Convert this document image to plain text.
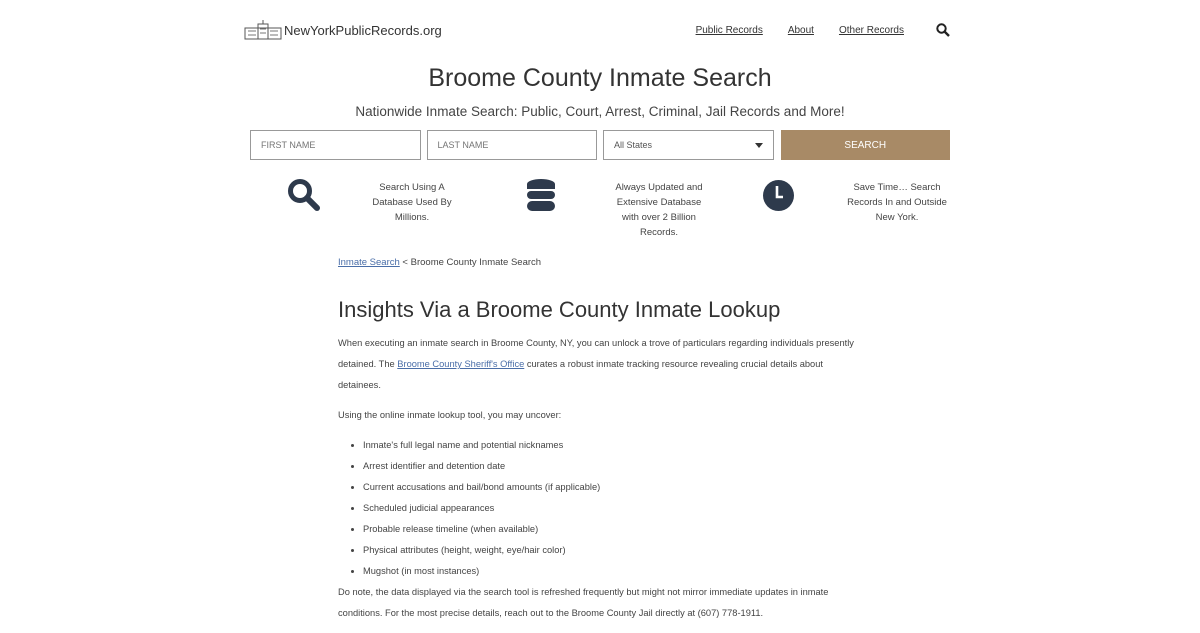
NewYorkPublicRecords.org	Public Records	About	Other Records
Broome County Inmate Search
Nationwide Inmate Search: Public, Court, Arrest, Criminal, Jail Records and More!
FIRST NAME
LAST NAME
All States	SEARCH
Search Using A Database Used By Millions.
Always Updated and Extensive Database with over 2 Billion Records.
Save Time… Search Records In and Outside New York.
Inmate Search < Broome County Inmate Search
Insights Via a Broome County Inmate Lookup

When executing an inmate search in Broome County, NY, you can unlock a trove of particulars regarding individuals presently detained. The Broome County Sheriff's Office curates a robust inmate tracking resource revealing crucial details about detainees.

Using the online inmate lookup tool, you may uncover:

• Inmate's full legal name and potential nicknames
• Arrest identifier and detention date
• Current accusations and bail/bond amounts (if applicable)
• Scheduled judicial appearances
• Probable release timeline (when available)
• Physical attributes (height, weight, eye/hair color)
• Mugshot (in most instances)

Do note, the data displayed via the search tool is refreshed frequently but might not mirror immediate updates in inmate conditions. For the most precise details, reach out to the Broome County Jail directly at (607) 778-1911.
